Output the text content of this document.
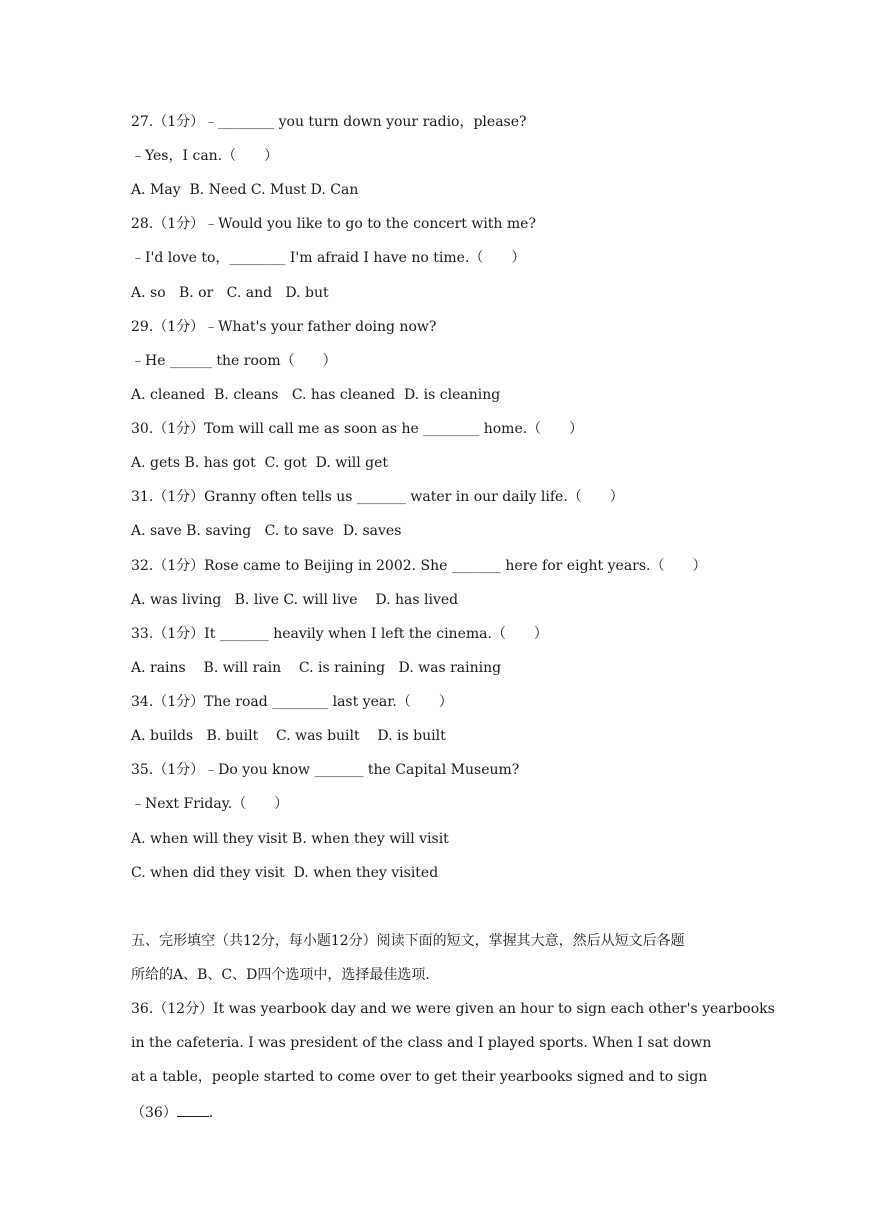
27.（1分）﹣________ you turn down your radio，please?
﹣Yes，I can.（　　）
A. May  B. Need C. Must D. Can
28.（1分）﹣Would you like to go to the concert with me?
﹣I'd love to，________ I'm afraid I have no time.（　　）
A. so   B. or   C. and   D. but
29.（1分）﹣What's your father doing now?
﹣He ______ the room（　　）
A. cleaned  B. cleans   C. has cleaned  D. is cleaning
30.（1分）Tom will call me as soon as he ________ home.（　　）
A. gets B. has got  C. got  D. will get
31.（1分）Granny often tells us _______ water in our daily life.（　　）
A. save B. saving   C. to save  D. saves
32.（1分）Rose came to Beijing in 2002. She _______ here for eight years.（　　）
A. was living   B. live C. will live    D. has lived
33.（1分）It _______ heavily when I left the cinema.（　　）
A. rains    B. will rain    C. is raining   D. was raining
34.（1分）The road ________ last year.（　　）
A. builds   B. built    C. was built    D. is built
35.（1分）﹣Do you know _______ the Capital Museum?
﹣Next Friday.（　　）
A. when will they visit B. when they will visit
C. when did they visit  D. when they visited
五、完形填空（共12分，每小题12分）阅读下面的短文，掌握其大意，然后从短文后各题
所给的A、B、C、D四个选项中，选择最佳选项.
36.（12分）It was yearbook day and we were given an hour to sign each other's yearbooks
in the cafeteria. I was president of the class and I played sports. When I sat down
at a table，people started to come over to get their yearbooks signed and to sign
（36） .
